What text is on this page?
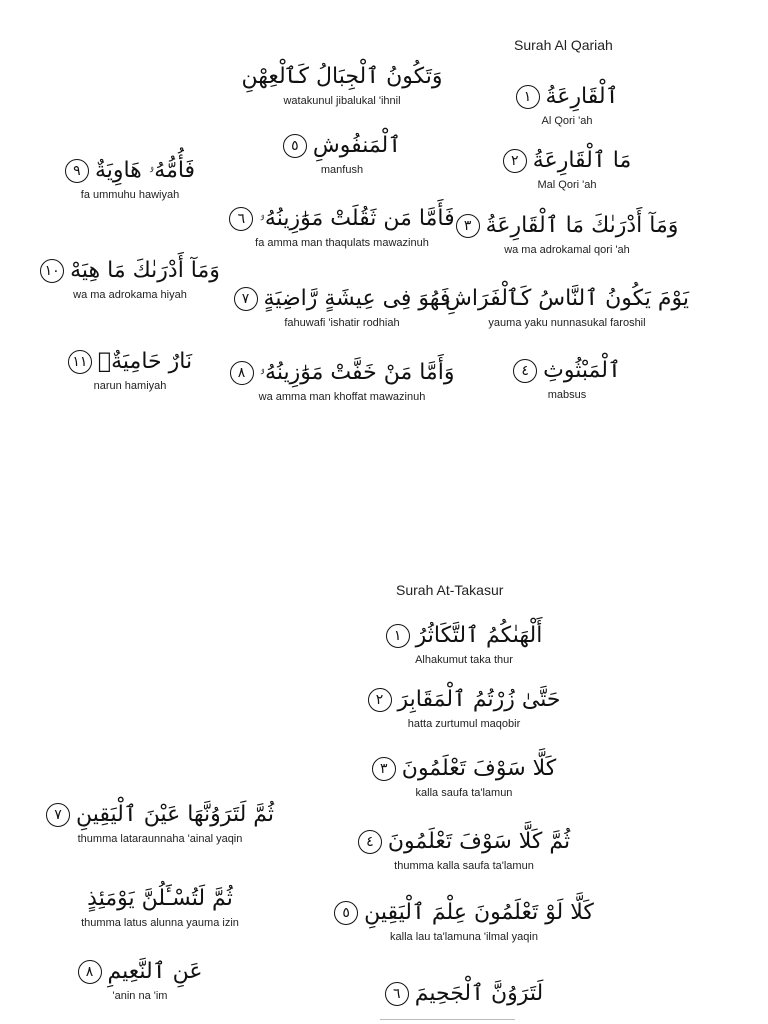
Surah Al Qariah
ٱلْقَارِعَةُ
١
Al Qori 'ah
مَا ٱلْقَارِعَةُ
٢
Mal Qori 'ah
وَمَآ أَدْرَىٰكَ مَا ٱلْقَارِعَةُ
٣
wa ma adrokamal qori 'ah
يَوْمَ يَكُونُ ٱلنَّاسُ كَٱلْفَرَاشِ
yauma yaku nunnasukal faroshil
ٱلْمَبْثُوثِ
٤
mabsus
وَتَكُونُ ٱلْجِبَالُ كَٱلْعِهْنِ
watakunul jibalukal 'ihnil
ٱلْمَنفُوشِ
٥
manfush
فَأَمَّا مَن ثَقُلَتْ مَوَٰزِينُهُۥ
٦
fa amma man thaqulats mawazinuh
فَهُوَ فِى عِيشَةٍ رَّاضِيَةٍ
٧
fahuwafi 'ishatir rodhiah
وَأَمَّا مَنْ خَفَّتْ مَوَٰزِينُهُۥ
٨
wa amma man khoffat mawazinuh
فَأُمُّهُۥ هَاوِيَةٌ
٩
fa ummuhu hawiyah
وَمَآ أَدْرَىٰكَ مَا هِيَهْ
١٠
wa ma adrokama hiyah
نَارٌ حَامِيَةٌۢ
١١
narun hamiyah
Surah At-Takasur
أَلْهَىٰكُمُ ٱلتَّكَاثُرُ
١
Alhakumut taka thur
حَتَّىٰ زُرْتُمُ ٱلْمَقَابِرَ
٢
hatta zurtumul maqobir
كَلَّا سَوْفَ تَعْلَمُونَ
٣
kalla saufa ta'lamun
ثُمَّ كَلَّا سَوْفَ تَعْلَمُونَ
٤
thumma kalla saufa ta'lamun
كَلَّا لَوْ تَعْلَمُونَ عِلْمَ ٱلْيَقِينِ
٥
kalla lau ta'lamuna 'ilmal yaqin
لَتَرَوُنَّ ٱلْجَحِيمَ
٦
ثُمَّ لَتَرَوُنَّهَا عَيْنَ ٱلْيَقِينِ
٧
thumma lataraunnaha 'ainal yaqin
ثُمَّ لَتُسْـَٔلُنَّ يَوْمَئِذٍ
thumma latus alunna yauma izin
عَنِ ٱلنَّعِيمِ
٨
'anin na 'im
